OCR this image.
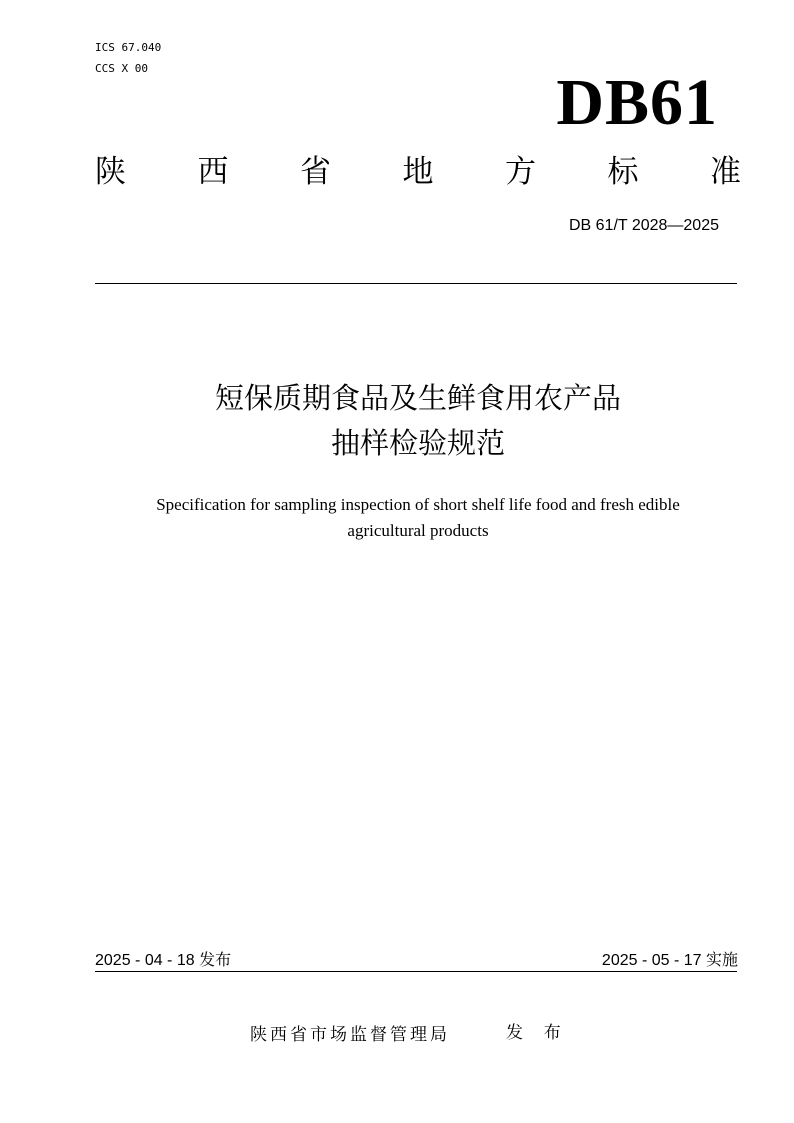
ICS 67.040
CCS X 00	DB61
陕 西 省 地 方 标 准
DB 61/T 2028—2025
短保质期食品及生鲜食用农产品
抽样检验规范
Specification for sampling inspection of short shelf life food and fresh edible
agricultural products
2025 - 04 - 18 发布	2025 - 05 - 17 实施
陕西省市场监督管理局	发 布
